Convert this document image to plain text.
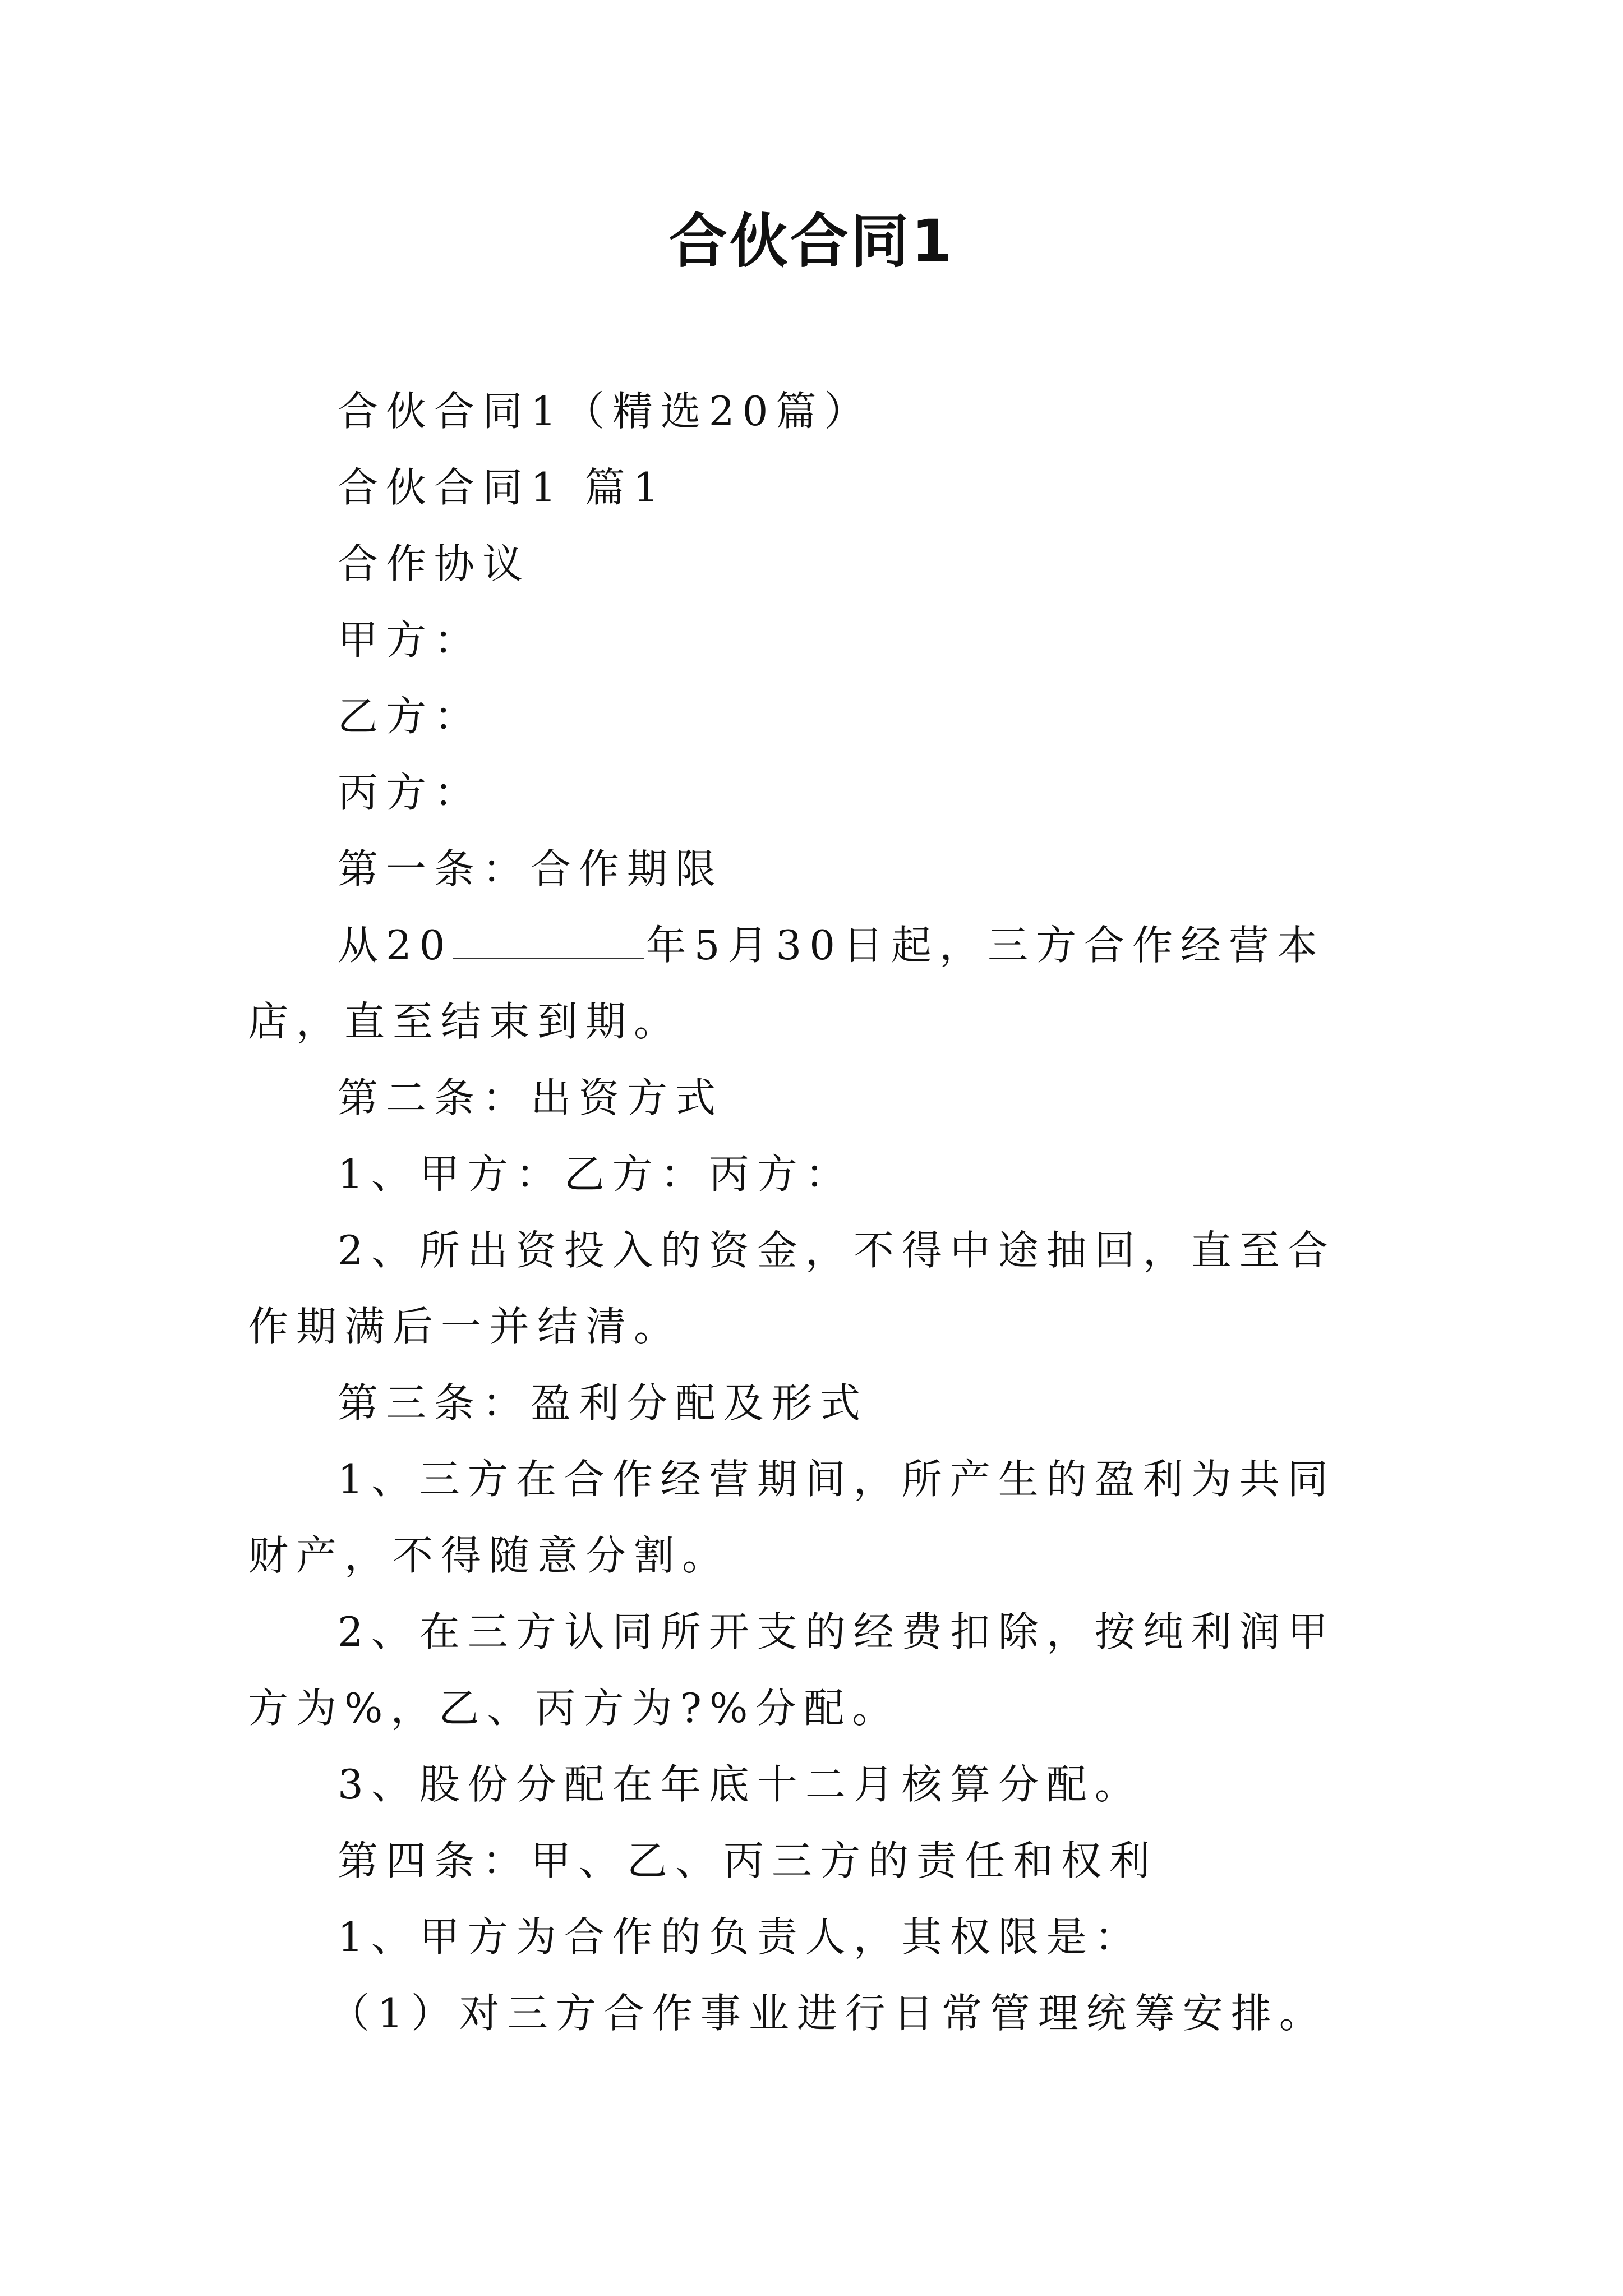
合伙合同1

合伙合同1（精选20篇）

合伙合同1 篇1

合作协议

甲方：

乙方：

丙方：

第一条：合作期限

从20	年5月30日起，三方合作经营本店，直至结束到期。

第二条：出资方式

1、甲方：乙方：丙方：

2、所出资投入的资金，不得中途抽回，直至合作期满后一并结清。

第三条：盈利分配及形式

1、三方在合作经营期间，所产生的盈利为共同财产，不得随意分割。

2、在三方认同所开支的经费扣除，按纯利润甲方为%，乙、丙方为?%分配。

3、股份分配在年底十二月核算分配。

第四条：甲、乙、丙三方的责任和权利

1、甲方为合作的负责人，其权限是：

（1）对三方合作事业进行日常管理统筹安排。
